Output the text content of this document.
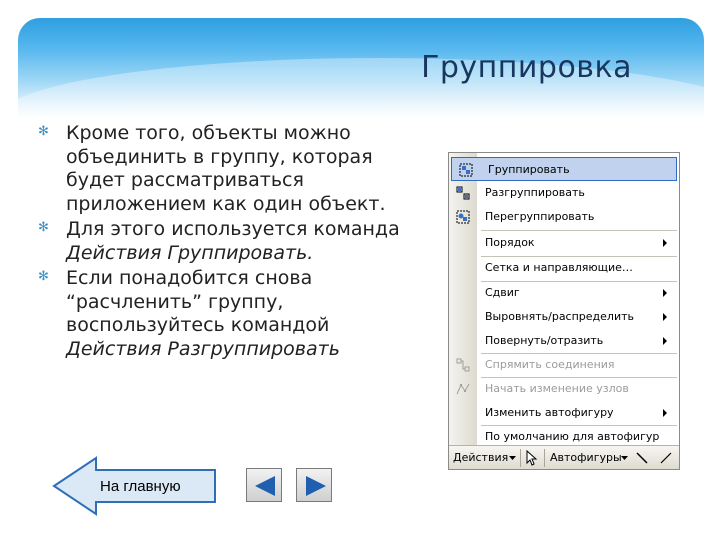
Группировка
✻ Кроме того, объекты можно
объединить в группу, которая
будет рассматриваться
приложением как один объект.
✻ Для этого используется команда
Действия Группировать.
✻ Если понадобится снова
“расчленить” группу,
воспользуйтесь командой
Действия Разгруппировать
Группировать
Разгруппировать
Перегруппировать
Порядок
Сетка и направляющие…
Сдвиг
Выровнять/распределить
Повернуть/отразить
Спрямить соединения
Начать изменение узлов
Изменить автофигуру
По умолчанию для автофигур
Действия	Автофигуры
На главную
